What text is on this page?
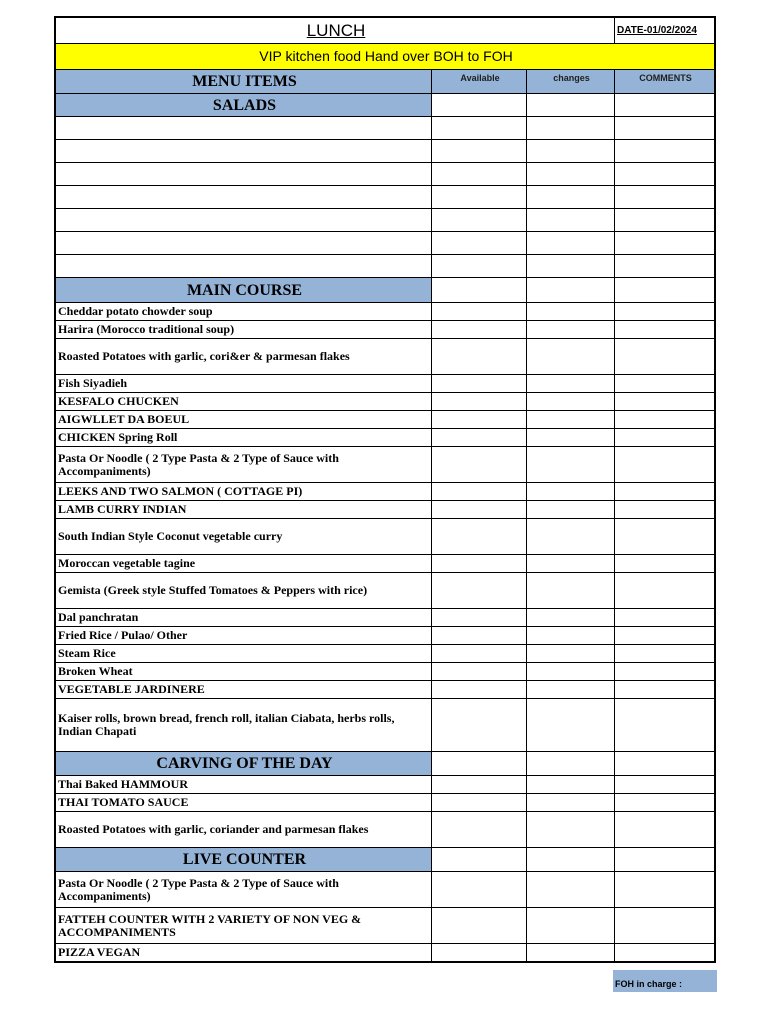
LUNCH			DATE-01/02/2024
VIP kitchen food Hand over BOH to FOH			
MENU ITEMS	Available	changes	COMMENTS
SALADS			

MAIN COURSE			
Cheddar potato chowder soup			
Harira (Morocco traditional soup)			
Roasted Potatoes with garlic, cori&er & parmesan flakes			
Fish Siyadieh			
KESFALO CHUCKEN			
AIGWLLET DA BOEUL			
CHICKEN Spring Roll			
Pasta Or Noodle ( 2 Type Pasta & 2 Type of Sauce with Accompaniments)			
LEEKS AND TWO SALMON ( COTTAGE PI)			
LAMB CURRY INDIAN			
South Indian Style Coconut vegetable curry			
Moroccan vegetable tagine			
Gemista (Greek style Stuffed Tomatoes & Peppers with rice)			
Dal panchratan			
Fried Rice / Pulao/ Other			
Steam Rice			
Broken Wheat			
VEGETABLE JARDINERE			
Kaiser rolls, brown bread, french roll, italian Ciabata, herbs rolls, Indian Chapati			
CARVING OF THE DAY			
Thai Baked HAMMOUR			
THAI TOMATO SAUCE			
Roasted Potatoes with garlic, coriander and parmesan flakes			
LIVE COUNTER			
Pasta Or Noodle ( 2 Type Pasta & 2 Type of Sauce with Accompaniments)			
FATTEH COUNTER WITH 2 VARIETY OF NON VEG & ACCOMPANIMENTS			
PIZZA VEGAN			
FOH in charge :
